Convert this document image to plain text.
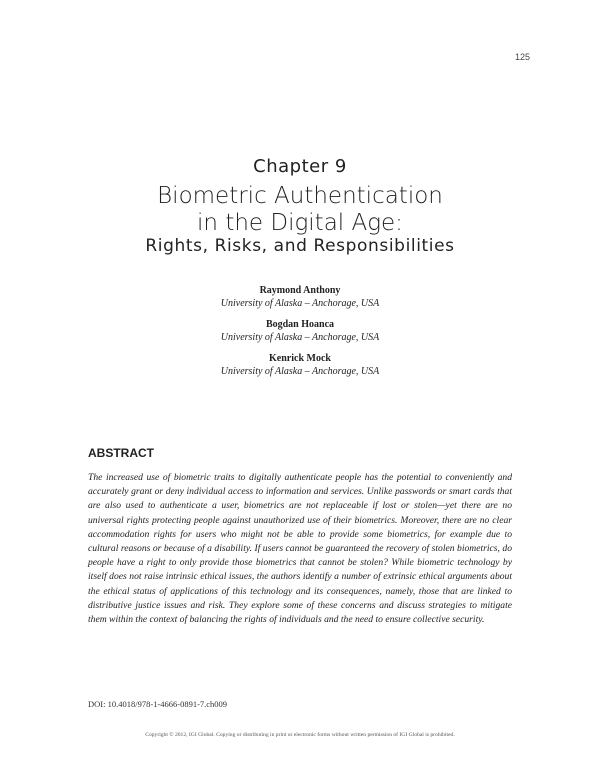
125
Chapter 9
Biometric Authentication
in the Digital Age:
Rights, Risks, and Responsibilities
Raymond Anthony
University of Alaska – Anchorage, USA
Bogdan Hoanca
University of Alaska – Anchorage, USA
Kenrick Mock
University of Alaska – Anchorage, USA
ABSTRACT
The increased use of biometric traits to digitally authenticate people has the potential to conveniently and accurately grant or deny individual access to information and services. Unlike passwords or smart cards that are also used to authenticate a user, biometrics are not replaceable if lost or stolen—yet there are no universal rights protecting people against unauthorized use of their biometrics. Moreover, there are no clear accommodation rights for users who might not be able to provide some biometrics, for example due to cultural reasons or because of a disability. If users cannot be guaranteed the recovery of stolen biometrics, do people have a right to only provide those biometrics that cannot be stolen? While biometric technology by itself does not raise intrinsic ethical issues, the authors identify a number of extrinsic ethical arguments about the ethical status of applications of this technology and its consequences, namely, those that are linked to distributive justice issues and risk. They explore some of these concerns and discuss strategies to mitigate them within the context of balancing the rights of individuals and the need to ensure collective security.
DOI: 10.4018/978-1-4666-0891-7.ch009
Copyright © 2012, IGI Global. Copying or distributing in print or electronic forms without written permission of IGI Global is prohibited.
